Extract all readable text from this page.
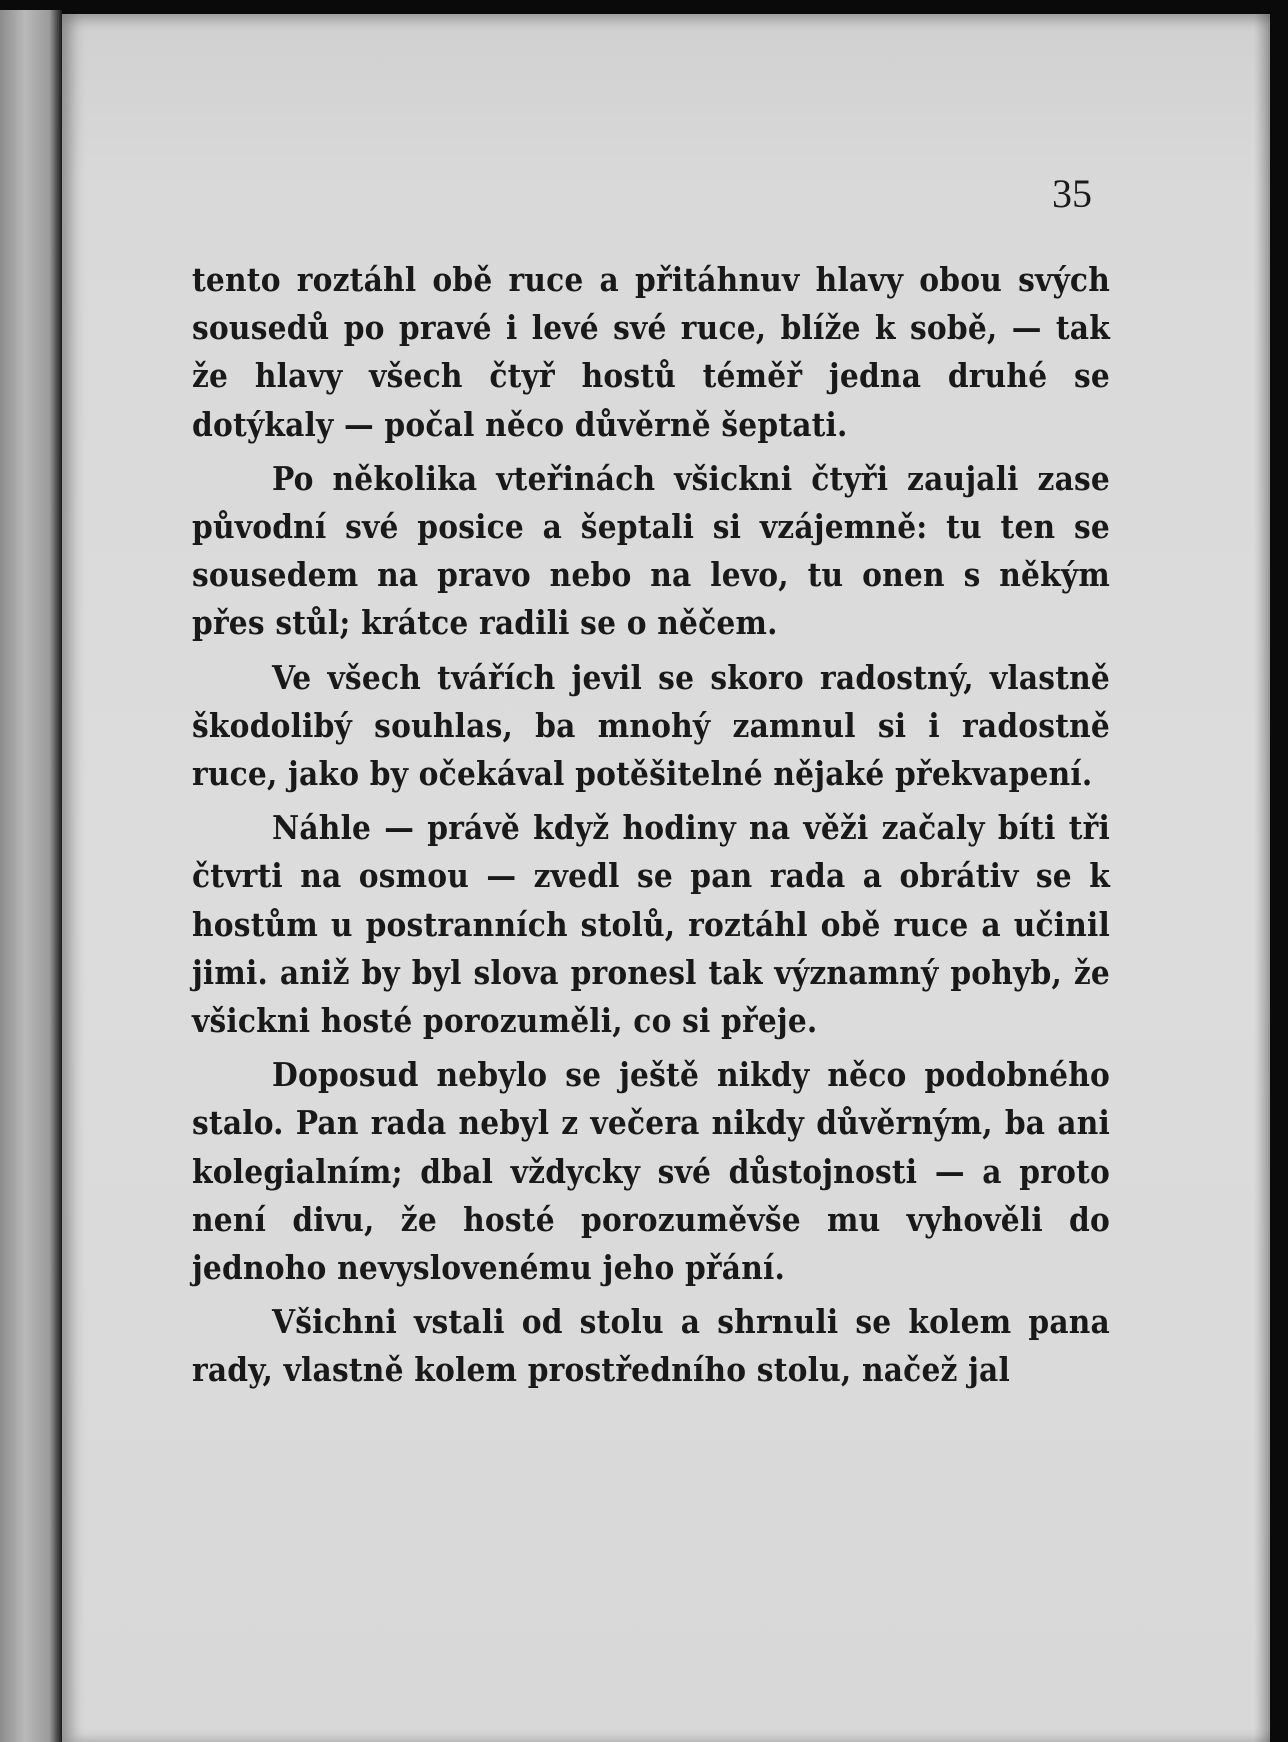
35

tento roztáhl obě ruce a přitáhnuv hlavy obou svých sousedů po pravé i levé své ruce, blíže k sobě, — tak že hlavy všech čtyř hostů téměř jedna druhé se dotýkaly — počal něco důvěrně šeptati.

Po několika vteřinách všickni čtyři zaujali zase původní své posice a šeptali si vzájemně: tu ten se sousedem na pravo nebo na levo, tu onen s někým přes stůl; krátce radili se o něčem.

Ve všech tvářích jevil se skoro radostný, vlastně škodolibý souhlas, ba mnohý zamnul si i radostně ruce, jako by očekával potěšitelné nějaké překvapení.

Náhle — právě když hodiny na věži začaly bíti tři čtvrti na osmou — zvedl se pan rada a obrátiv se k hostům u postranních stolů, roztáhl obě ruce a učinil jimi. aniž by byl slova pronesl tak významný pohyb, že všickni hosté porozuměli, co si přeje.

Doposud nebylo se ještě nikdy něco podobného stalo. Pan rada nebyl z večera nikdy důvěrným, ba ani kolegialním; dbal vždycky své důstojnosti — a proto není divu, že hosté porozuměvše mu vyhověli do jednoho nevyslovenému jeho přání.

Všichni vstali od stolu a shrnuli se kolem pana rady, vlastně kolem prostředního stolu, načež jal
